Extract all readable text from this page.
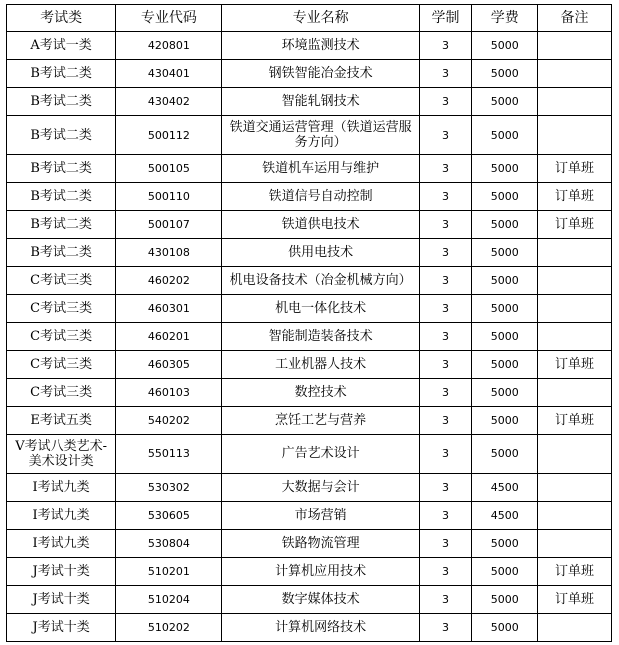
考试类	专业代码	专业名称	学制	学费	备注
A考试一类	420801	环境监测技术	3	5000	
B考试二类	430401	钢铁智能冶金技术	3	5000	
B考试二类	430402	智能轧钢技术	3	5000	
B考试二类	500112	铁道交通运营管理（铁道运营服务方向）	3	5000	
B考试二类	500105	铁道机车运用与维护	3	5000	订单班
B考试二类	500110	铁道信号自动控制	3	5000	订单班
B考试二类	500107	铁道供电技术	3	5000	订单班
B考试二类	430108	供用电技术	3	5000	
C考试三类	460202	机电设备技术（冶金机械方向）	3	5000	
C考试三类	460301	机电一体化技术	3	5000	
C考试三类	460201	智能制造装备技术	3	5000	
C考试三类	460305	工业机器人技术	3	5000	订单班
C考试三类	460103	数控技术	3	5000	
E考试五类	540202	烹饪工艺与营养	3	5000	订单班
V考试八类艺术-美术设计类	550113	广告艺术设计	3	5000	
I考试九类	530302	大数据与会计	3	4500	
I考试九类	530605	市场营销	3	4500	
I考试九类	530804	铁路物流管理	3	5000	
J考试十类	510201	计算机应用技术	3	5000	订单班
J考试十类	510204	数字媒体技术	3	5000	订单班
J考试十类	510202	计算机网络技术	3	5000	
